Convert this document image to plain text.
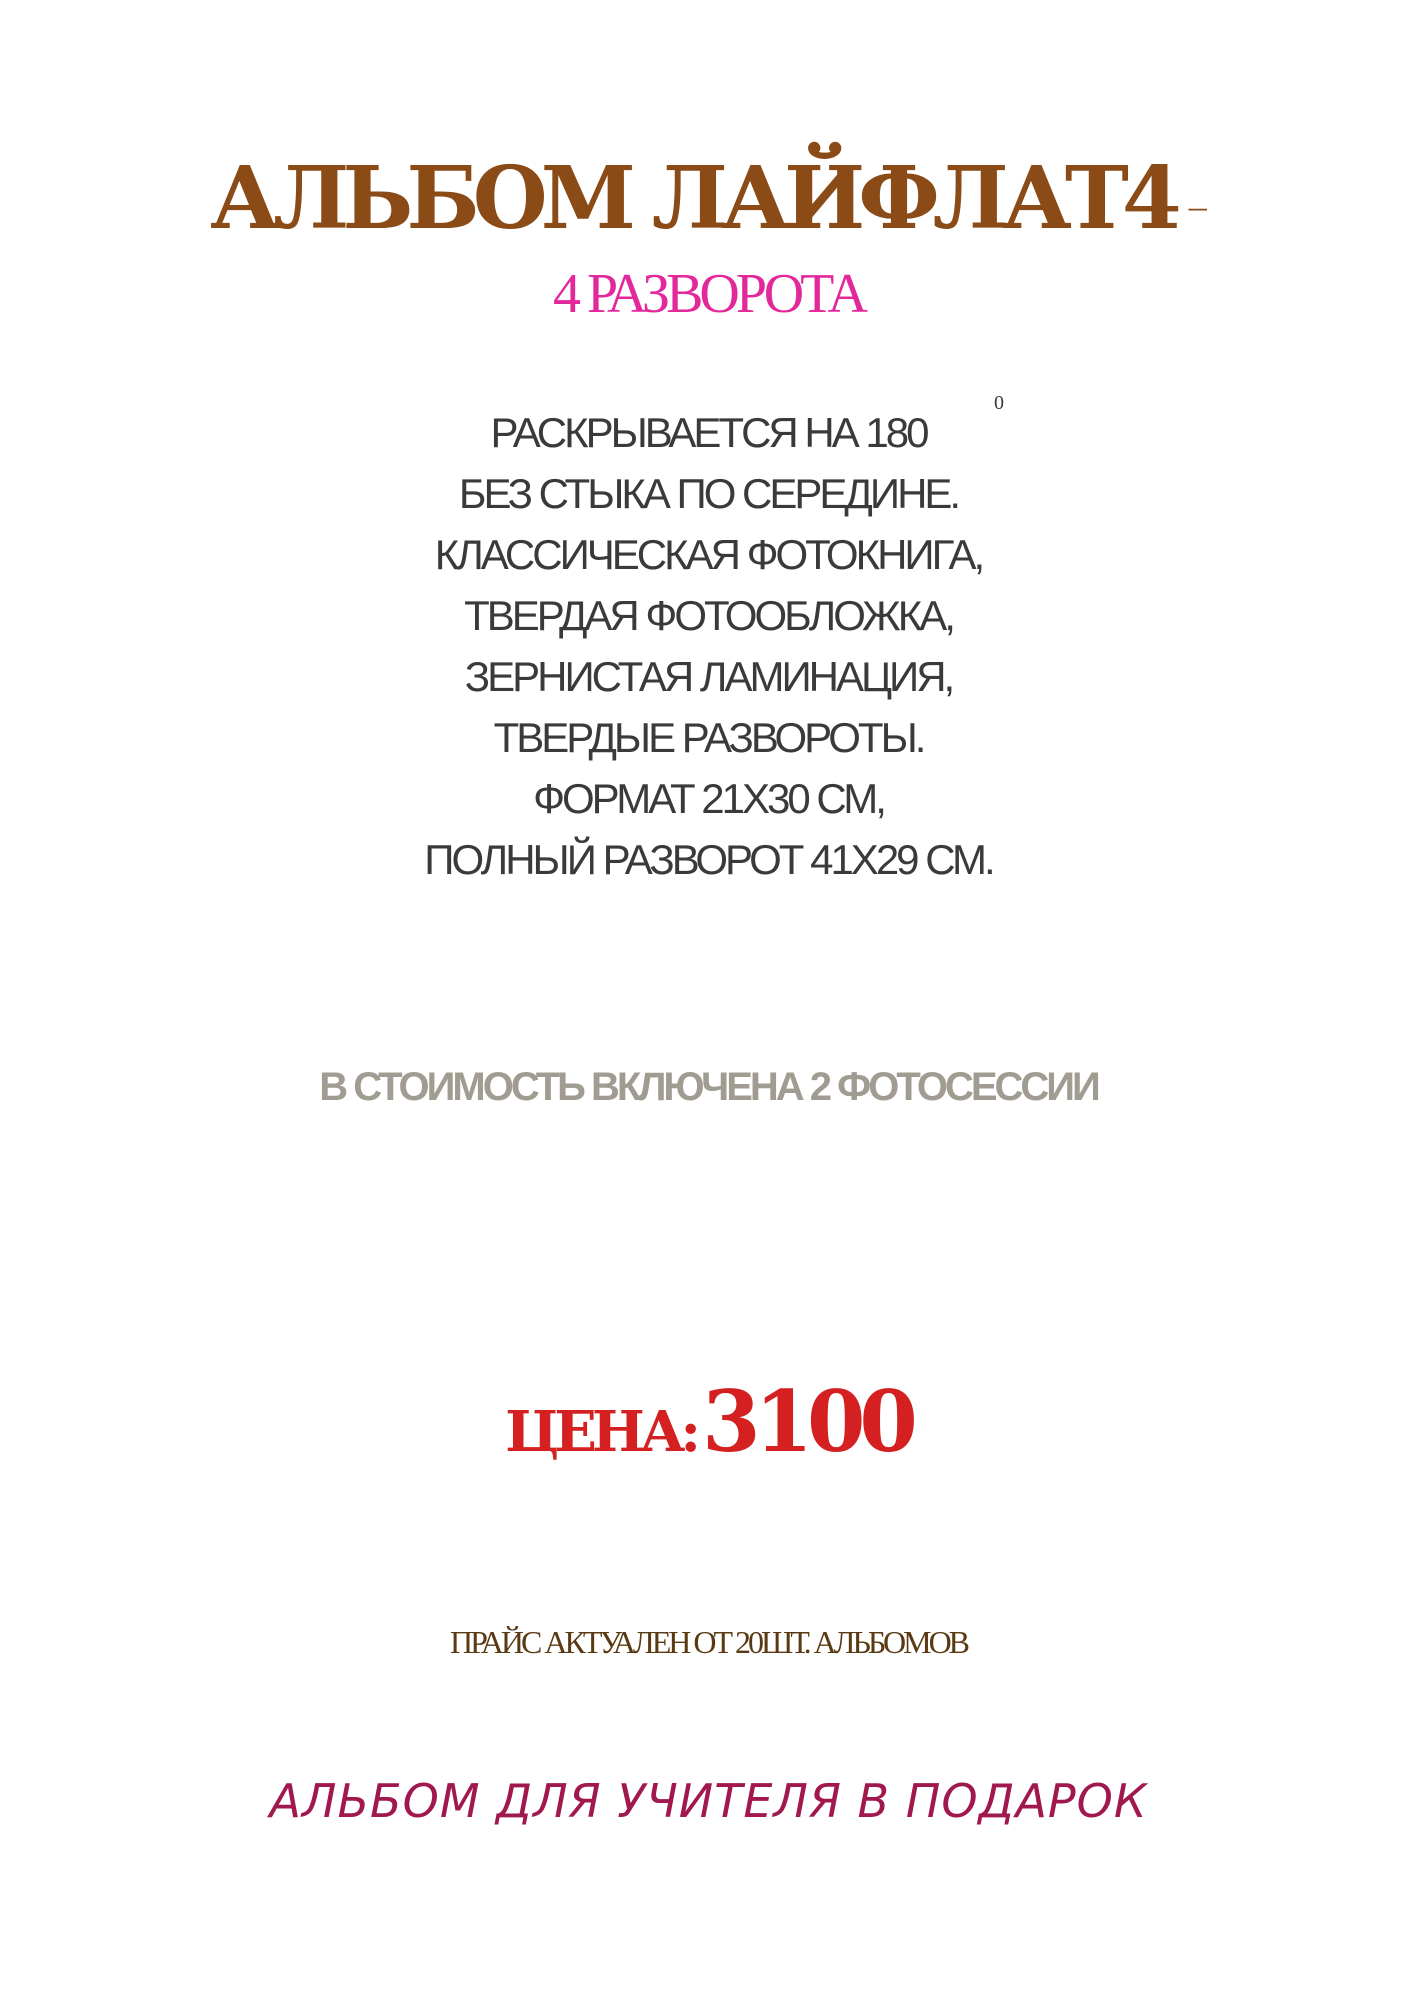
АЛЬБОМ ЛАЙФЛАТ4 –
4 РАЗВОРОТА
РАСКРЫВАЕТСЯ НА 180
БЕЗ СТЫКА ПО СЕРЕДИНЕ.
КЛАССИЧЕСКАЯ ФОТОКНИГА,
ТВЕРДАЯ ФОТООБЛОЖКА,
ЗЕРНИСТАЯ ЛАМИНАЦИЯ,
ТВЕРДЫЕ РАЗВОРОТЫ.
ФОРМАТ 21Х30 СМ,
ПОЛНЫЙ РАЗВОРОТ 41Х29 СМ.
0
В СТОИМОСТЬ ВКЛЮЧЕНА 2 ФОТОСЕССИИ
ЦЕНА:3100
ПРАЙС АКТУАЛЕН ОТ 20ШТ. АЛЬБОМОВ
АЛЬБОМ ДЛЯ УЧИТЕЛЯ В ПОДАРОК
